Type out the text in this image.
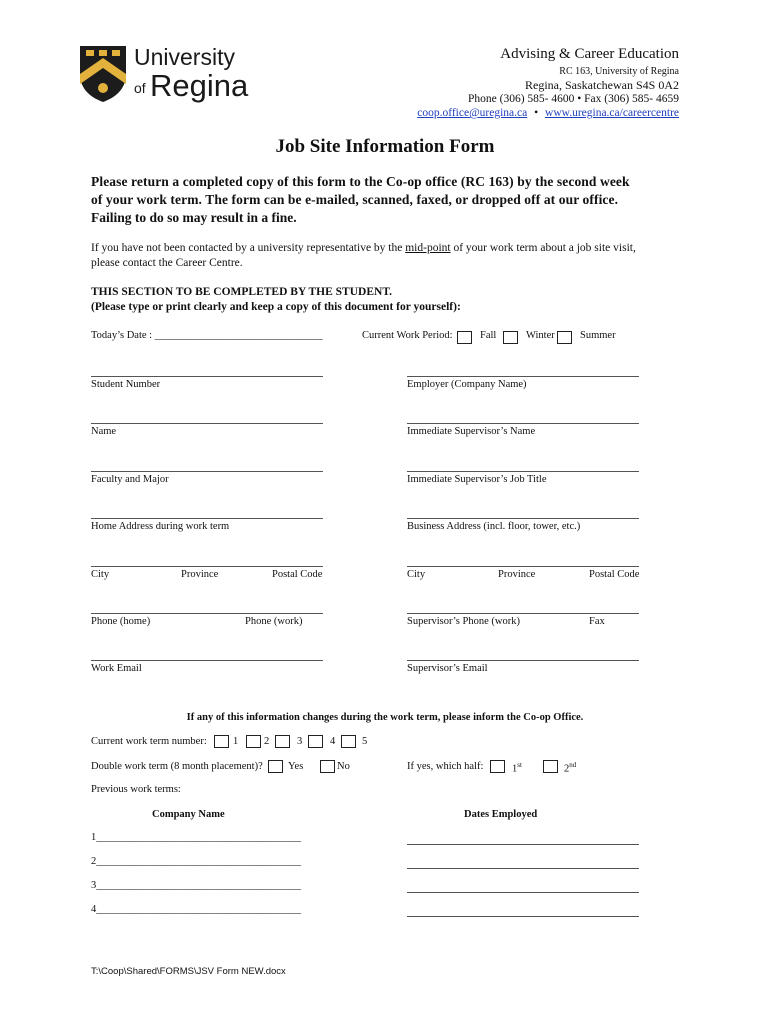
University
of Regina
Advising & Career Education
RC 163, University of Regina
Regina, Saskatchewan S4S 0A2
Phone (306) 585- 4600 • Fax (306) 585- 4659
coop.office@uregina.ca • www.uregina.ca/careercentre
Job Site Information Form
Please return a completed copy of this form to the Co-op office (RC 163) by the second week
of your work term. The form can be e-mailed, scanned, faxed, or dropped off at our office.
Failing to do so may result in a fine.
If you have not been contacted by a university representative by the mid-point of your work term about a job site visit,
please contact the Career Centre.
THIS SECTION TO BE COMPLETED BY THE STUDENT.
(Please type or print clearly and keep a copy of this document for yourself):
Today’s Date : ________________________________	Current Work Period:	Fall	Winter Summer
Student Number	Employer (Company Name)
Name	Immediate Supervisor’s Name
Faculty and Major	Immediate Supervisor’s Job Title
Home Address during work term	Business Address (incl. floor, tower, etc.)
City	Province	Postal Code	City	Province	Postal Code
Phone (home)	Phone (work)	Supervisor’s Phone (work)	Fax
Work Email	Supervisor’s Email
If any of this information changes during the work term, please inform the Co-op Office.
Current work term number: 1 2	3	4	5
Double work term (8 month placement)? Yes	No	If yes, which half:	1st	2nd
Previous work terms:
Company Name	Dates Employed
1_______________________________________
2_______________________________________
3_______________________________________
4_______________________________________
T:\Coop\Shared\FORMS\JSV Form NEW.docx
